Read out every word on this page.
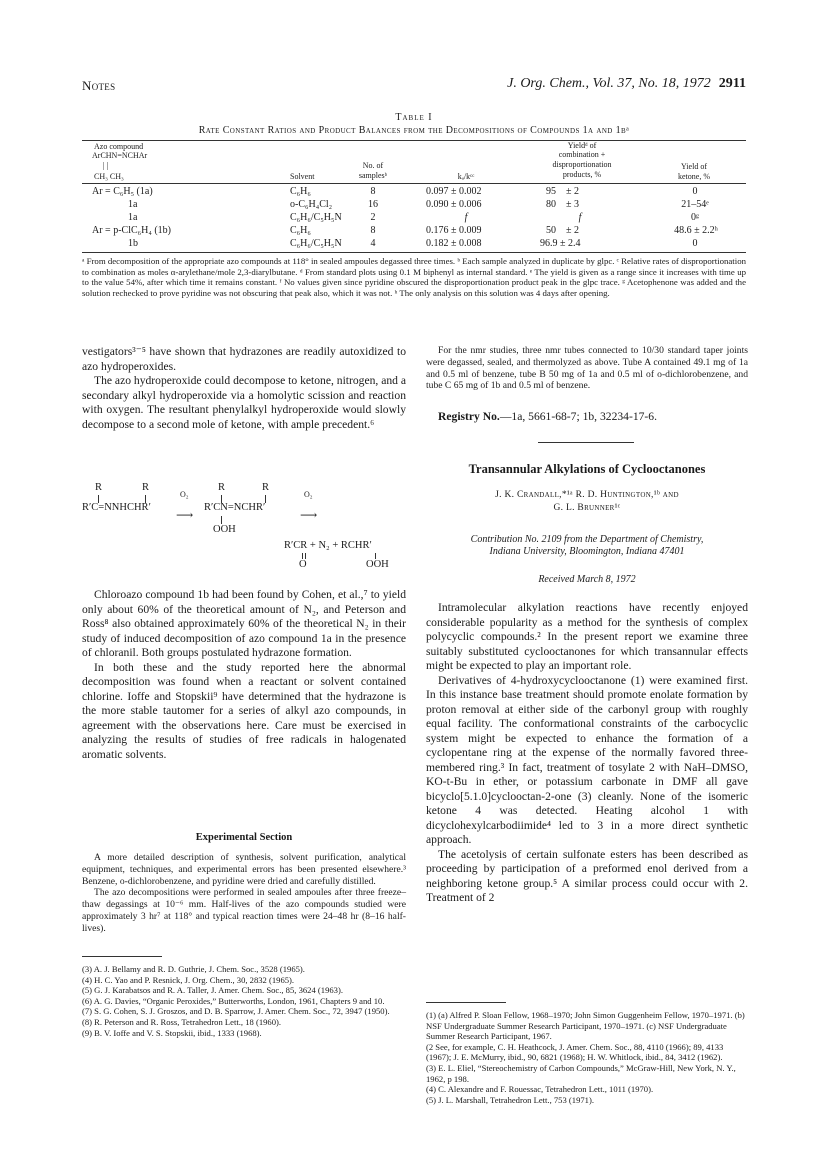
Notes	J. Org. Chem., Vol. 37, No. 18, 1972 2911
Table I
Rate Constant Ratios and Product Balances from the Decompositions of Compounds 1a and 1bᵃ
Azo compound
ArCHN=NCHAr
| |
CH₃ CH₃	Solvent
No. of
samplesᵇ	kₐ/kᶜᶜ
Yieldᵈ of
combination +
disproportionation
products, %
Yield of
ketone, %
Ar = C₆H₅ (1a)	C₆H₆	8	0.097 ± 0.002	95    ± 2	0
1a	o-C₆H₄Cl₂	16	0.090 ± 0.006	80    ± 3	21–54ᵉ
1a	C₆H₆/C₅H₅N	2	f	f	0ᵍ
Ar = p-ClC₆H₄ (1b)	C₆H₆	8	0.176 ± 0.009	50    ± 2	48.6 ± 2.2ʰ
1b	C₆H₆/C₅H₅N	4	0.182 ± 0.008	96.9 ± 2.4	0
ᵃ From decomposition of the appropriate azo compounds at 118° in sealed ampoules degassed three times. ᵇ Each sample analyzed in duplicate by glpc. ᶜ Relative rates of disproportionation to combination as moles α-arylethane/mole 2,3-diarylbutane. ᵈ From standard plots using 0.1 M biphenyl as internal standard. ᵉ The yield is given as a range since it increases with time up to the value 54%, after which time it remains constant. ᶠ No values given since pyridine obscured the disproportionation product peak in the glpc trace. ᵍ Acetophenone was added and the solution rechecked to prove pyridine was not obscuring that peak also, which it was not. ʰ The only analysis on this solution was 4 days after opening.

vestigators³⁻⁵ have shown that hydrazones are readily autoxidized to azo hydroperoxides.

The azo hydroperoxide could decompose to ketone, nitrogen, and a secondary alkyl hydroperoxide via a homolytic scission and reaction with oxygen. The resultant phenylalkyl hydroperoxide would slowly decompose to a second mole of ketone, with ample precedent.⁶

R	R	R	R
R′C=NNHCHR′
O₂
⟶
R′CN=NCHR′
O₂
⟶
OOH
R′CR + N₂ + RCHR′
O	OOH

Chloroazo compound 1b had been found by Cohen, et al.,⁷ to yield only about 60% of the theoretical amount of N₂, and Peterson and Ross⁸ also obtained approximately 60% of the theoretical N₂ in their study of induced decomposition of azo compound 1a in the presence of chloranil. Both groups postulated hydrazone formation.

In both these and the study reported here the abnormal decomposition was found when a reactant or solvent contained chlorine. Ioffe and Stopskii⁹ have determined that the hydrazone is the more stable tautomer for a series of alkyl azo compounds, in agreement with the observations here. Care must be exercised in analyzing the results of studies of free radicals in halogenated aromatic solvents.

Experimental Section

A more detailed description of synthesis, solvent purification, analytical equipment, techniques, and experimental errors has been presented elsewhere.³ Benzene, o-dichlorobenzene, and pyridine were dried and carefully distilled.

The azo decompositions were performed in sealed ampoules after three freeze–thaw degassings at 10⁻⁶ mm. Half-lives of the azo compounds studied were approximately 3 hr⁷ at 118° and typical reaction times were 24–48 hr (8–16 half-lives).

(3) A. J. Bellamy and R. D. Guthrie, J. Chem. Soc., 3528 (1965).

(4) H. C. Yao and P. Resnick, J. Org. Chem., 30, 2832 (1965).

(5) G. J. Karabatsos and R. A. Taller, J. Amer. Chem. Soc., 85, 3624 (1963).

(6) A. G. Davies, “Organic Peroxides,” Butterworths, London, 1961, Chapters 9 and 10.

(7) S. G. Cohen, S. J. Groszos, and D. B. Sparrow, J. Amer. Chem. Soc., 72, 3947 (1950).

(8) R. Peterson and R. Ross, Tetrahedron Lett., 18 (1960).

(9) B. V. Ioffe and V. S. Stopskii, ibid., 1333 (1968).

For the nmr studies, three nmr tubes connected to 10/30 standard taper joints were degassed, sealed, and thermolyzed as above. Tube A contained 49.1 mg of 1a and 0.5 ml of benzene, tube B 50 mg of 1a and 0.5 ml of o-dichlorobenzene, and tube C 65 mg of 1b and 0.5 ml of benzene.

Registry No.—1a, 5661-68-7; 1b, 32234-17-6.
Transannular Alkylations of Cyclooctanones
J. K. Crandall,*¹ᵃ R. D. Huntington,¹ᵇ and
G. L. Brunner¹ᶜ
Contribution No. 2109 from the Department of Chemistry,
Indiana University, Bloomington, Indiana 47401
Received March 8, 1972

Intramolecular alkylation reactions have recently enjoyed considerable popularity as a method for the synthesis of complex polycyclic compounds.² In the present report we examine three suitably substituted cyclooctanones for which transannular effects might be expected to play an important role.

Derivatives of 4-hydroxycyclooctanone (1) were examined first. In this instance base treatment should promote enolate formation by proton removal at either side of the carbonyl group with roughly equal facility. The conformational constraints of the carbocyclic system might be expected to enhance the formation of a cyclopentane ring at the expense of the normally favored three-membered ring.³ In fact, treatment of tosylate 2 with NaH–DMSO, KO-t-Bu in ether, or potassium carbonate in DMF all gave bicyclo[5.1.0]cyclooctan-2-one (3) cleanly. None of the isomeric ketone 4 was detected. Heating alcohol 1 with dicyclohexylcarbodiimide⁴ led to 3 in a more direct synthetic approach.

The acetolysis of certain sulfonate esters has been described as proceeding by participation of a preformed enol derived from a neighboring ketone group.⁵ A similar process could occur with 2. Treatment of 2

(1) (a) Alfred P. Sloan Fellow, 1968–1970; John Simon Guggenheim Fellow, 1970–1971. (b) NSF Undergraduate Summer Research Participant, 1970–1971. (c) NSF Undergraduate Summer Research Participant, 1967.

(2 See, for example, C. H. Heathcock, J. Amer. Chem. Soc., 88, 4110 (1966); 89, 4133 (1967); J. E. McMurry, ibid., 90, 6821 (1968); H. W. Whitlock, ibid., 84, 3412 (1962).

(3) E. L. Eliel, “Stereochemistry of Carbon Compounds,” McGraw-Hill, New York, N. Y., 1962, p 198.

(4) C. Alexandre and F. Rouessac, Tetrahedron Lett., 1011 (1970).

(5) J. L. Marshall, Tetrahedron Lett., 753 (1971).
